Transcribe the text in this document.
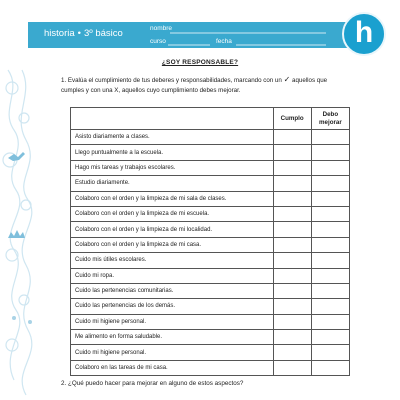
historia • 3º básico	nombre
curso	fecha	h
¿SOY RESPONSABLE?
1. Evalúa el cumplimiento de tus deberes y responsabilidades, marcando con un ✓ aquellos que cumples y con una X, aquellos cuyo cumplimiento debes mejorar.
	Cumplo	Debo mejorar
Asisto diariamente a clases.		
Llego puntualmente a la escuela.		
Hago mis tareas y trabajos escolares.		
Estudio diariamente.		
Colaboro con el orden y la limpieza de mi sala de clases.		
Colaboro con el orden y la limpieza de mi escuela.		
Colaboro con el orden y la limpieza de mi localidad.		
Colaboro con el orden y la limpieza de mi casa.		
Cuido mis útiles escolares.		
Cuido mi ropa.		
Cuido las pertenencias comunitarias.		
Cuido las pertenencias de los demás.		
Cuido mi higiene personal.		
Me alimento en forma saludable.		
Cuido mi higiene personal.		
Colaboro en las tareas de mi casa.		
2. ¿Qué puedo hacer para mejorar en alguno de estos aspectos?
